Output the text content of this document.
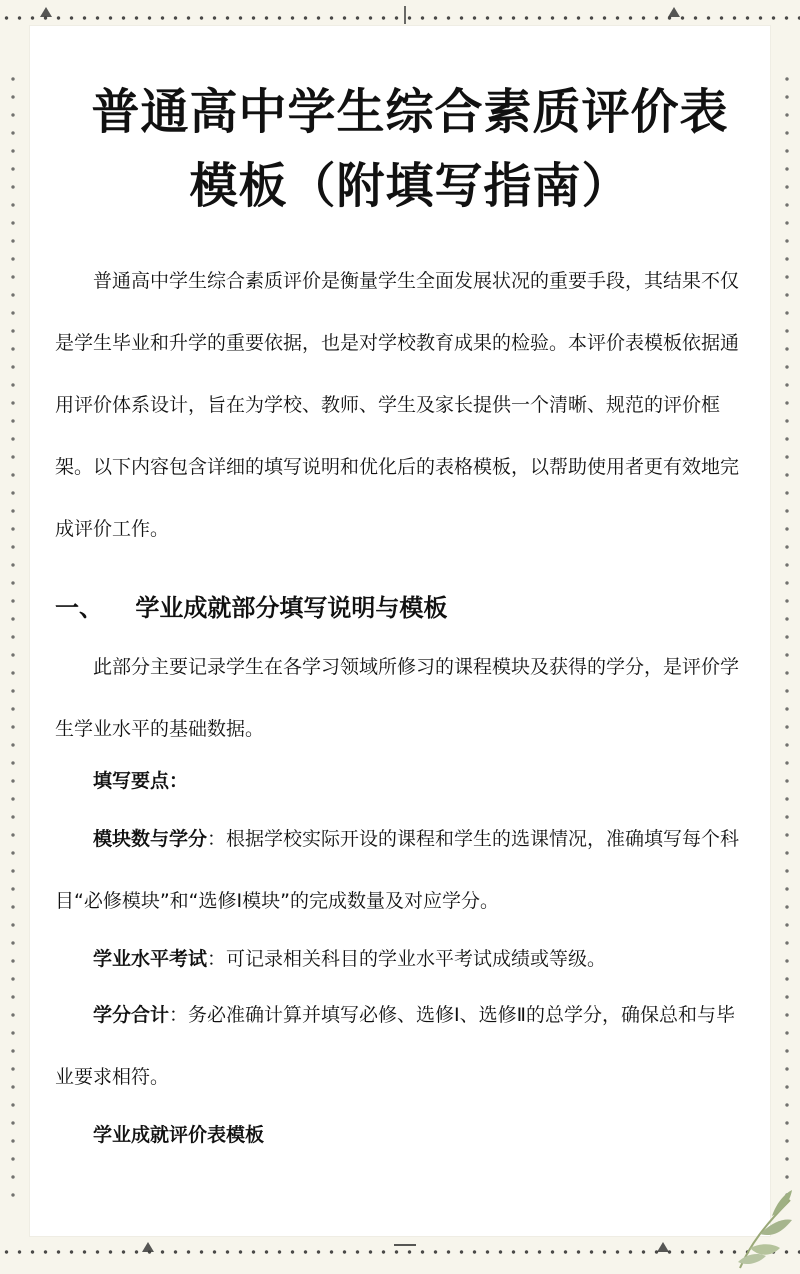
普通高中学生综合素质评价表
模板（附填写指南）
普通高中学生综合素质评价是衡量学生全面发展状况的重要手段，其结果不仅是学生毕业和升学的重要依据，也是对学校教育成果的检验。本评价表模板依据通用评价体系设计，旨在为学校、教师、学生及家长提供一个清晰、规范的评价框架。以下内容包含详细的填写说明和优化后的表格模板，以帮助使用者更有效地完成评价工作。
一、 学业成就部分填写说明与模板
此部分主要记录学生在各学习领域所修习的课程模块及获得的学分，是评价学生学业水平的基础数据。
填写要点：
模块数与学分：根据学校实际开设的课程和学生的选课情况，准确填写每个科目“必修模块”和“选修Ⅰ模块”的完成数量及对应学分。
学业水平考试：可记录相关科目的学业水平考试成绩或等级。
学分合计：务必准确计算并填写必修、选修Ⅰ、选修Ⅱ的总学分，确保总和与毕业要求相符。
学业成就评价表模板
